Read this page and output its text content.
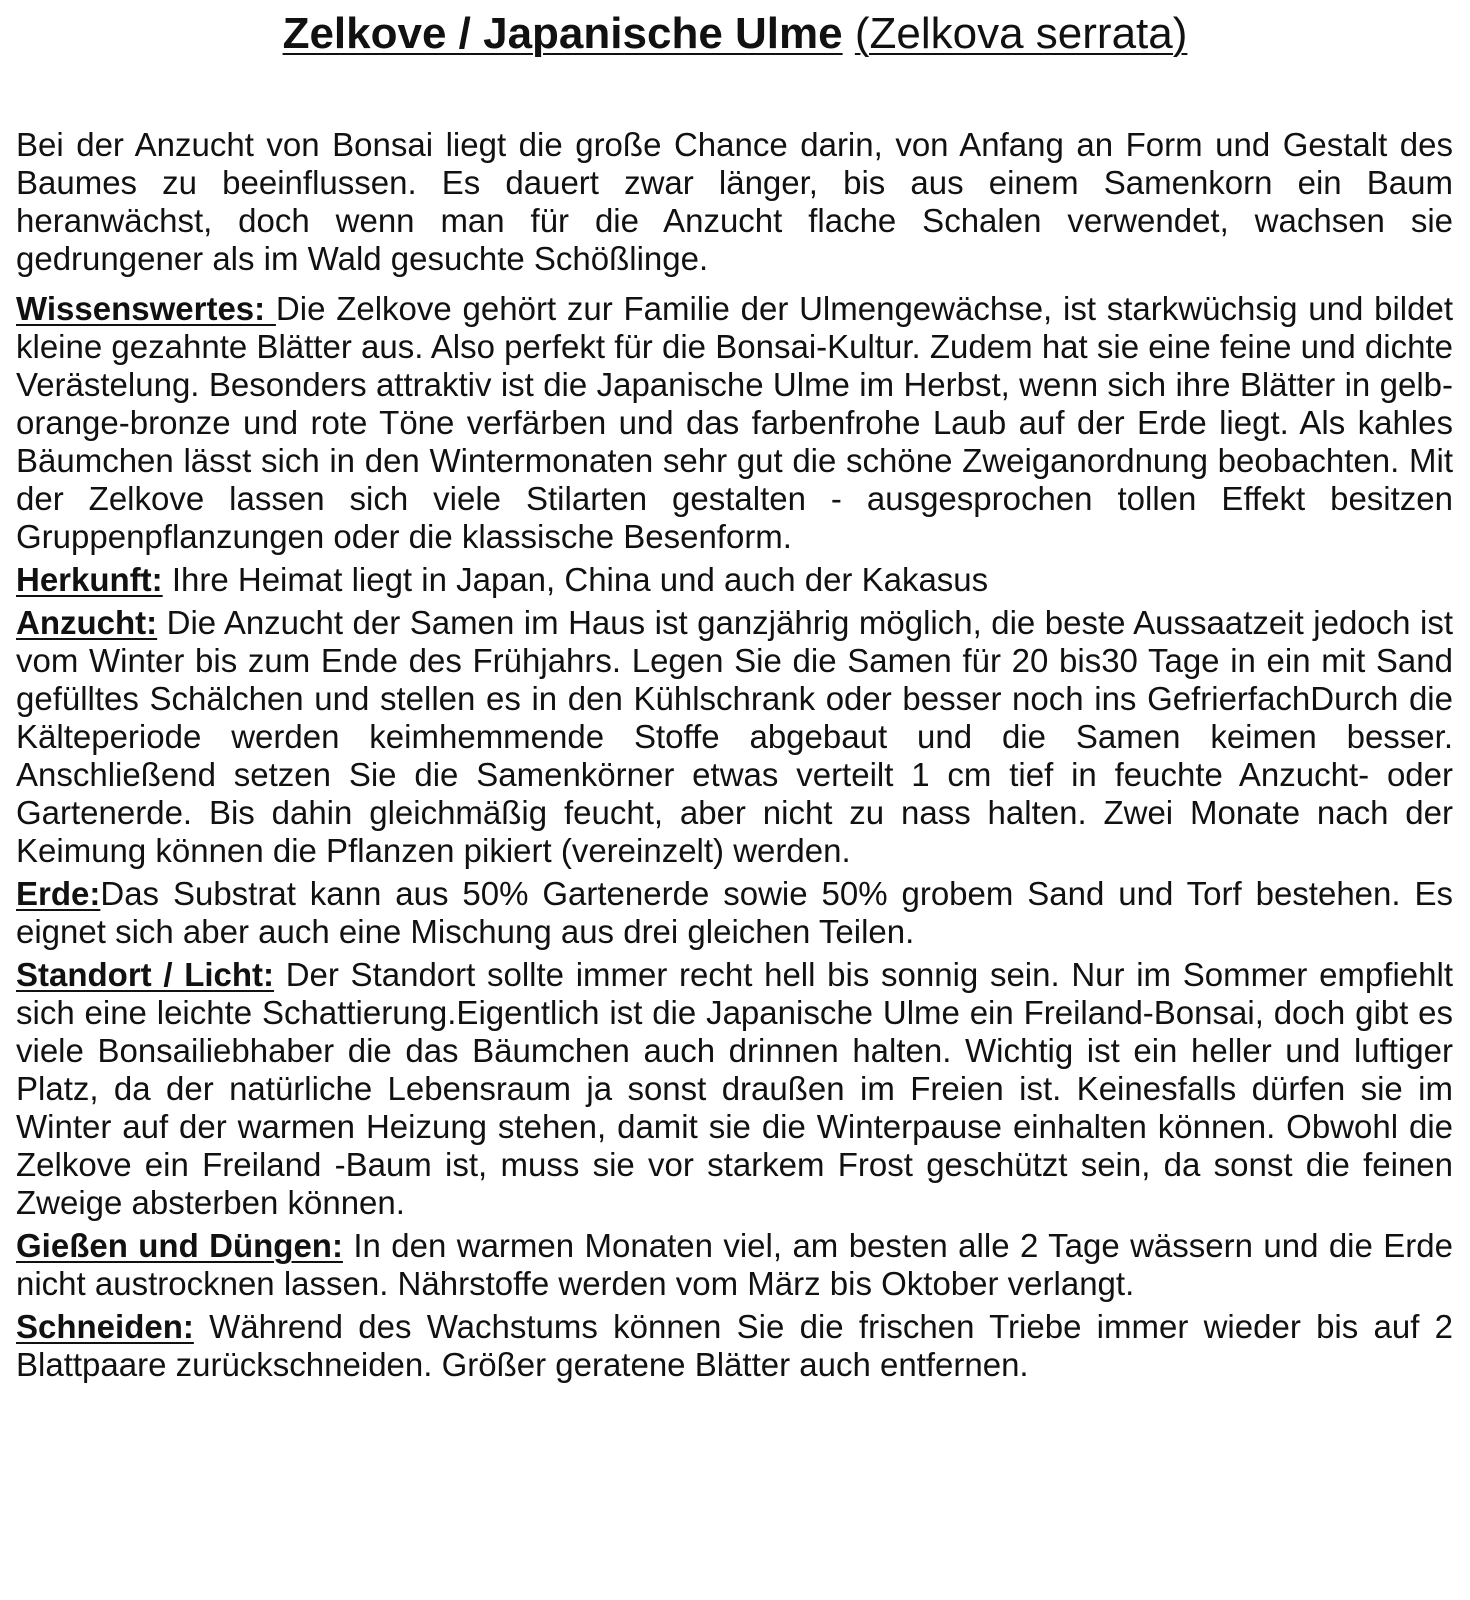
Zelkove / Japanische Ulme (Zelkova serrata)

Bei der Anzucht von Bonsai liegt die große Chance darin, von Anfang an Form und Gestalt des Baumes zu beeinflussen. Es dauert zwar länger, bis aus einem Samenkorn ein Baum heranwächst, doch wenn man für die Anzucht flache Schalen verwendet, wachsen sie gedrungener als im Wald gesuchte Schößlinge.

Wissenswertes: Die Zelkove gehört zur Familie der Ulmengewächse, ist starkwüchsig und bildet kleine gezahnte Blätter aus. Also perfekt für die Bonsai-Kultur. Zudem hat sie eine feine und dichte Verästelung. Besonders attraktiv ist die Japanische Ulme im Herbst, wenn sich ihre Blätter in gelb-orange-bronze und rote Töne verfärben und das farbenfrohe Laub auf der Erde liegt. Als kahles Bäumchen lässt sich in den Wintermonaten sehr gut die schöne Zweiganordnung beobachten. Mit der Zelkove lassen sich viele Stilarten gestalten - ausgesprochen tollen Effekt besitzen Gruppenpflanzungen oder die klassische Besenform.

Herkunft: Ihre Heimat liegt in Japan, China und auch der Kakasus

Anzucht: Die Anzucht der Samen im Haus ist ganzjährig möglich, die beste Aussaatzeit jedoch ist vom Winter bis zum Ende des Frühjahrs. Legen Sie die Samen für 20 bis30 Tage in ein mit Sand gefülltes Schälchen und stellen es in den Kühlschrank oder besser noch ins GefrierfachDurch die Kälteperiode werden keimhemmende Stoffe abgebaut und die Samen keimen besser. Anschließend setzen Sie die Samenkörner etwas verteilt 1 cm tief in feuchte Anzucht- oder Gartenerde. Bis dahin gleichmäßig feucht, aber nicht zu nass halten. Zwei Monate nach der Keimung können die Pflanzen pikiert (vereinzelt) werden.

Erde:Das Substrat kann aus 50% Gartenerde sowie 50% grobem Sand und Torf bestehen. Es eignet sich aber auch eine Mischung aus drei gleichen Teilen.

Standort / Licht: Der Standort sollte immer recht hell bis sonnig sein. Nur im Sommer empfiehlt sich eine leichte Schattierung.Eigentlich ist die Japanische Ulme ein Freiland-Bonsai, doch gibt es viele Bonsailiebhaber die das Bäumchen auch drinnen halten. Wichtig ist ein heller und luftiger Platz, da der natürliche Lebensraum ja sonst draußen im Freien ist. Keinesfalls dürfen sie im Winter auf der warmen Heizung stehen, damit sie die Winterpause einhalten können. Obwohl die Zelkove ein Freiland -Baum ist, muss sie vor starkem Frost geschützt sein, da sonst die feinen Zweige absterben können.

Gießen und Düngen: In den warmen Monaten viel, am besten alle 2 Tage wässern und die Erde nicht austrocknen lassen. Nährstoffe werden vom März bis Oktober verlangt.

Schneiden: Während des Wachstums können Sie die frischen Triebe immer wieder bis auf 2 Blattpaare zurückschneiden. Größer geratene Blätter auch entfernen.
